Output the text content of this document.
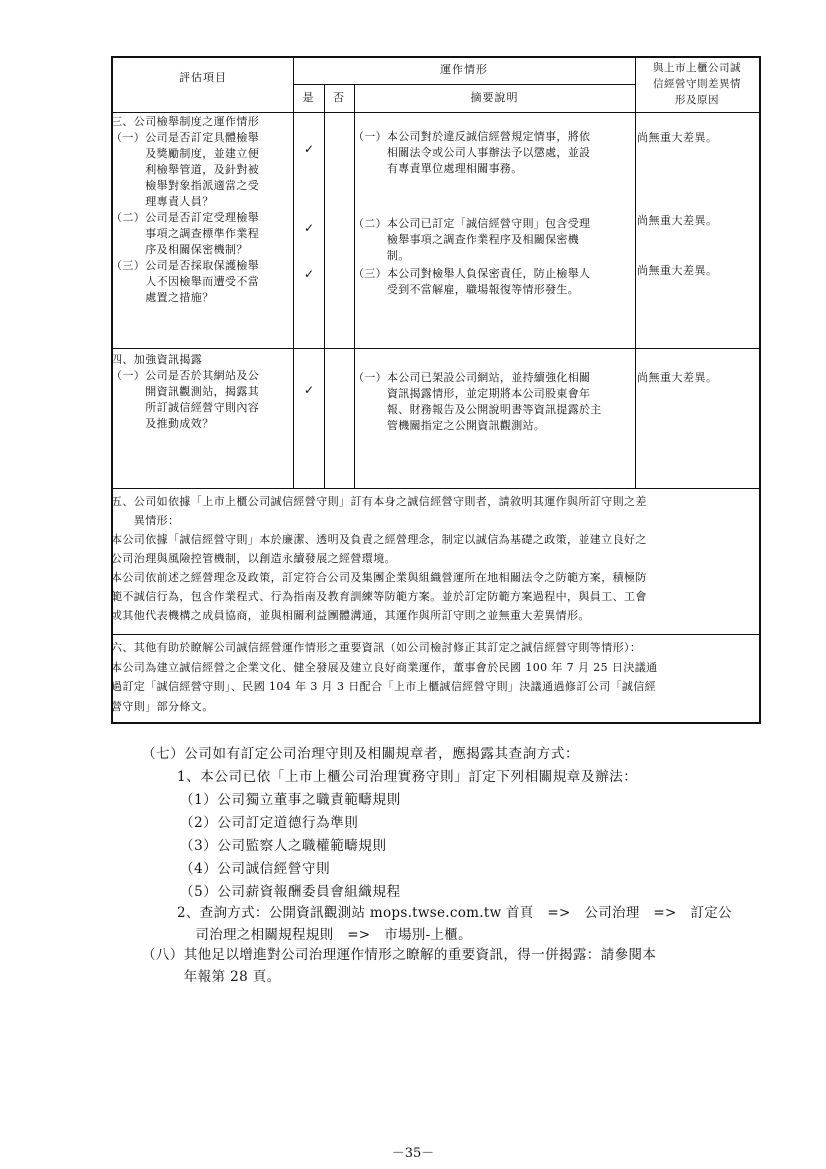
評估項目
運作情形
是	否	摘要說明
與上市上櫃公司誠
信經營守則差異情
形及原因
三、公司檢舉制度之運作情形
（一）公司是否訂定具體檢舉
　　　及獎勵制度，並建立便
　　　利檢舉管道，及針對被
　　　檢舉對象指派適當之受
　　　理專責人員？
（二）公司是否訂定受理檢舉
　　　事項之調查標準作業程
　　　序及相關保密機制？
（三）公司是否採取保護檢舉
　　　人不因檢舉而遭受不當
　　　處置之措施？
✓
✓
✓
（一）本公司對於違反誠信經營規定情事，將依
　　　相關法令或公司人事辦法予以懲處，並設
　　　有專責單位處理相關事務。
（二）本公司已訂定「誠信經營守則」包含受理
　　　檢舉事項之調查作業程序及相關保密機
　　　制。
（三）本公司對檢舉人負保密責任，防止檢舉人
　　　受到不當解雇，職場報復等情形發生。
尚無重大差異。
尚無重大差異。
尚無重大差異。
四、加強資訊揭露
（一）公司是否於其網站及公
　　　開資訊觀測站，揭露其
　　　所訂誠信經營守則內容
　　　及推動成效？
✓
（一）本公司已架設公司網站，並持續強化相關
　　　資訊揭露情形，並定期將本公司股東會年
　　　報、財務報告及公開說明書等資訊提露於主
　　　管機關指定之公開資訊觀測站。
尚無重大差異。
五、公司如依據「上市上櫃公司誠信經營守則」訂有本身之誠信經營守則者，請敘明其運作與所訂守則之差
　　異情形：
本公司依據「誠信經營守則」本於廉潔、透明及負責之經營理念，制定以誠信為基礎之政策，並建立良好之
公司治理與風險控管機制，以創造永續發展之經營環境。
本公司依前述之經營理念及政策，訂定符合公司及集團企業與組織營運所在地相關法令之防範方案，積極防
範不誠信行為，包含作業程式、行為指南及教育訓練等防範方案。並於訂定防範方案過程中，與員工、工會
或其他代表機構之成員協商，並與相關利益團體溝通，其運作與所訂守則之並無重大差異情形。
六、其他有助於瞭解公司誠信經營運作情形之重要資訊（如公司檢討修正其訂定之誠信經營守則等情形）：
本公司為建立誠信經營之企業文化、健全發展及建立良好商業運作，董事會於民國 100 年 7 月 25 日決議通
過訂定「誠信經營守則」、民國 104 年 3 月 3 日配合「上市上櫃誠信經營守則」決議通過修訂公司「誠信經
營守則」部分條文。
（七）公司如有訂定公司治理守則及相關規章者，應揭露其查詢方式：
1、本公司已依「上市上櫃公司治理實務守則」訂定下列相關規章及辦法：
（1）公司獨立董事之職責範疇規則
（2）公司訂定道德行為準則
（3）公司監察人之職權範疇規則
（4）公司誠信經營守則
（5）公司薪資報酬委員會組織規程
2、查詢方式：公開資訊觀測站 mops.twse.com.tw 首頁　=>　公司治理　=>　訂定公
　 司治理之相關規程規則　=>　市場別-上櫃。
（八）其他足以增進對公司治理運作情形之瞭解的重要資訊，得一併揭露：請參閱本
　　　年報第 28 頁。
－35－
